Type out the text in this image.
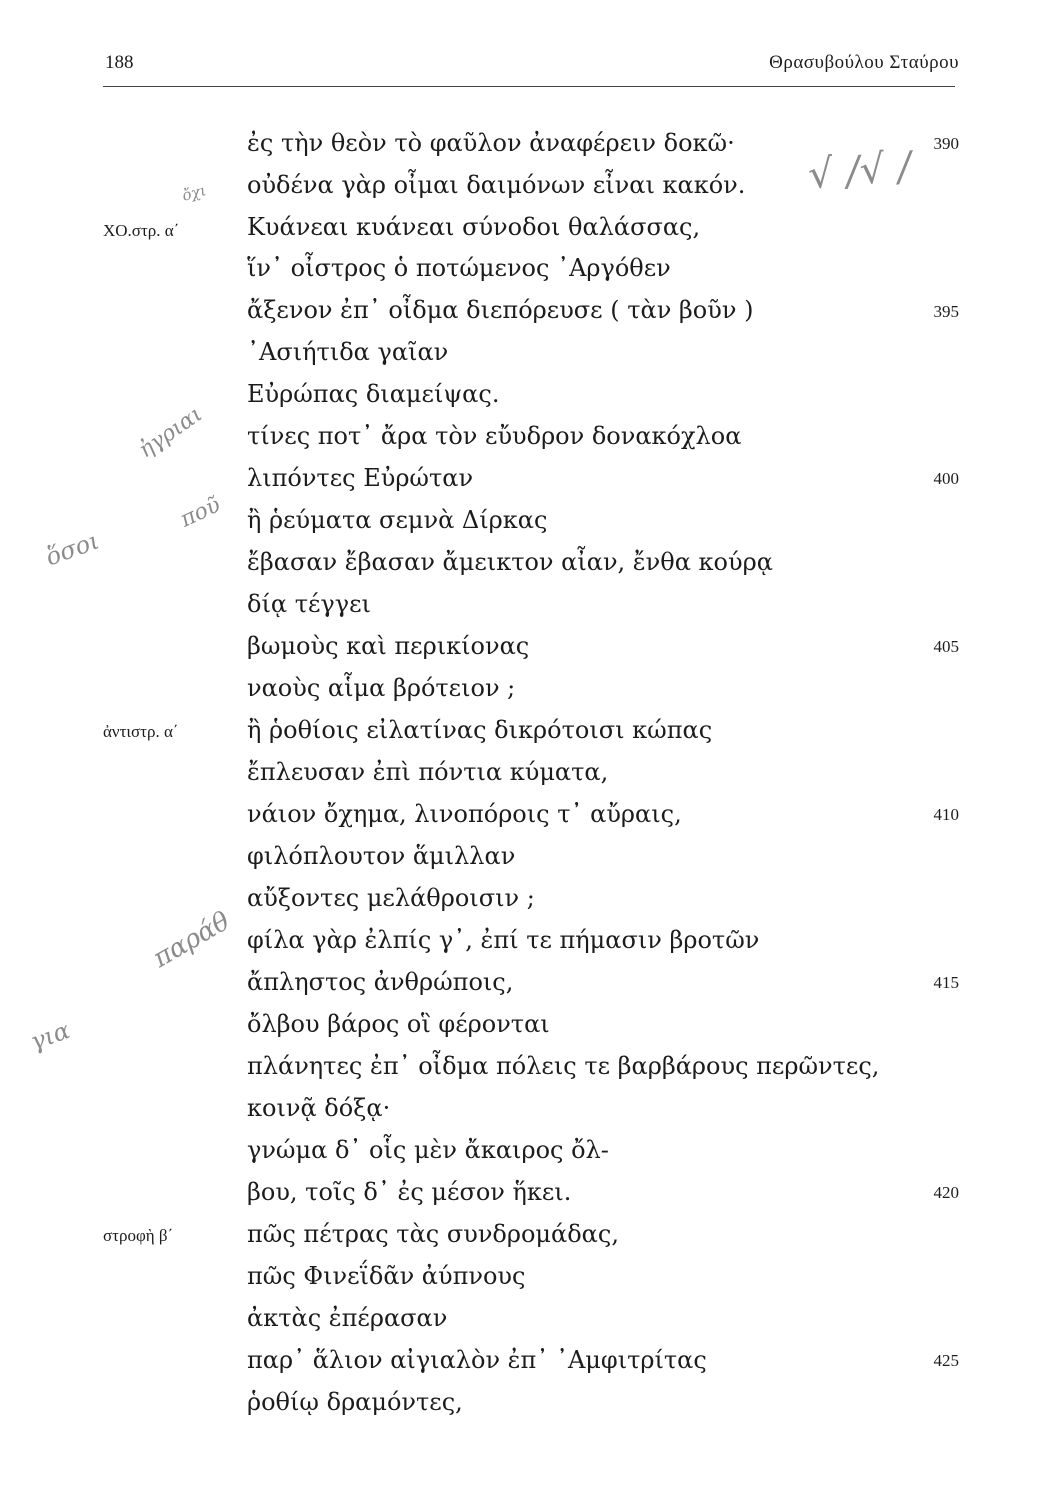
188	Θρασυβούλου Σταύρου
ἐς τὴν θεὸν τὸ φαῦλον ἀναφέρειν δοκῶ·
οὐδένα γὰρ οἶμαι δαιμόνων εἶναι κακόν.
Κυάνεαι κυάνεαι σύνοδοι θαλάσσας,
ἵν᾽ οἶστρος ὁ ποτώμενος ᾽Αργόθεν
ἄξενον ἐπ᾽ οἶδμα διεπόρευσε ( τὰν βοῦν )
᾽Ασιήτιδα γαῖαν
Εὐρώπας διαμείψας.
τίνες ποτ᾽ ἄρα τὸν εὔυδρον δονακόχλοα
λιπόντες Εὐρώταν
ἢ ῥεύματα σεμνὰ Δίρκας
ἔβασαν ἔβασαν ἄμεικτον αἶαν, ἔνθα κούρᾳ
δίᾳ τέγγει
βωμοὺς καὶ περικίονας
ναοὺς αἷμα βρότειον ;
ἢ ῥοθίοις εἰλατίνας δικρότοισι κώπας
ἔπλευσαν ἐπὶ πόντια κύματα,
νάιον ὄχημα, λινοπόροις τ᾽ αὔραις,
φιλόπλουτον ἅμιλλαν
αὔξοντες μελάθροισιν ;
φίλα γὰρ ἐλπίς γ᾽, ἐπί τε πήμασιν βροτῶν
ἄπληστος ἀνθρώποις,
ὄλβου βάρος οἳ φέρονται
πλάνητες ἐπ᾽ οἶδμα πόλεις τε βαρβάρους περῶντες,
κοινᾷ δόξᾳ·
γνώμα δ᾽ οἷς μὲν ἄκαιρος ὄλ-
βου, τοῖς δ᾽ ἐς μέσον ἥκει.
πῶς πέτρας τὰς συνδρομάδας,
πῶς Φινεΐδᾶν ἀύπνους
ἀκτὰς ἐπέρασαν
παρ᾽ ἅλιον αἰγιαλὸν ἐπ᾽ ᾽Αμφιτρίτας
ῥοθίῳ δραμόντες,
390
395
400
405
410
415
420
425
ΧΟ.στρ. α΄
ἀντιστρ. α΄
στροφὴ β΄
ὄχι	√ /√ /
ἠγριαι
ποῦ
ὅσοι
παράθ
για
